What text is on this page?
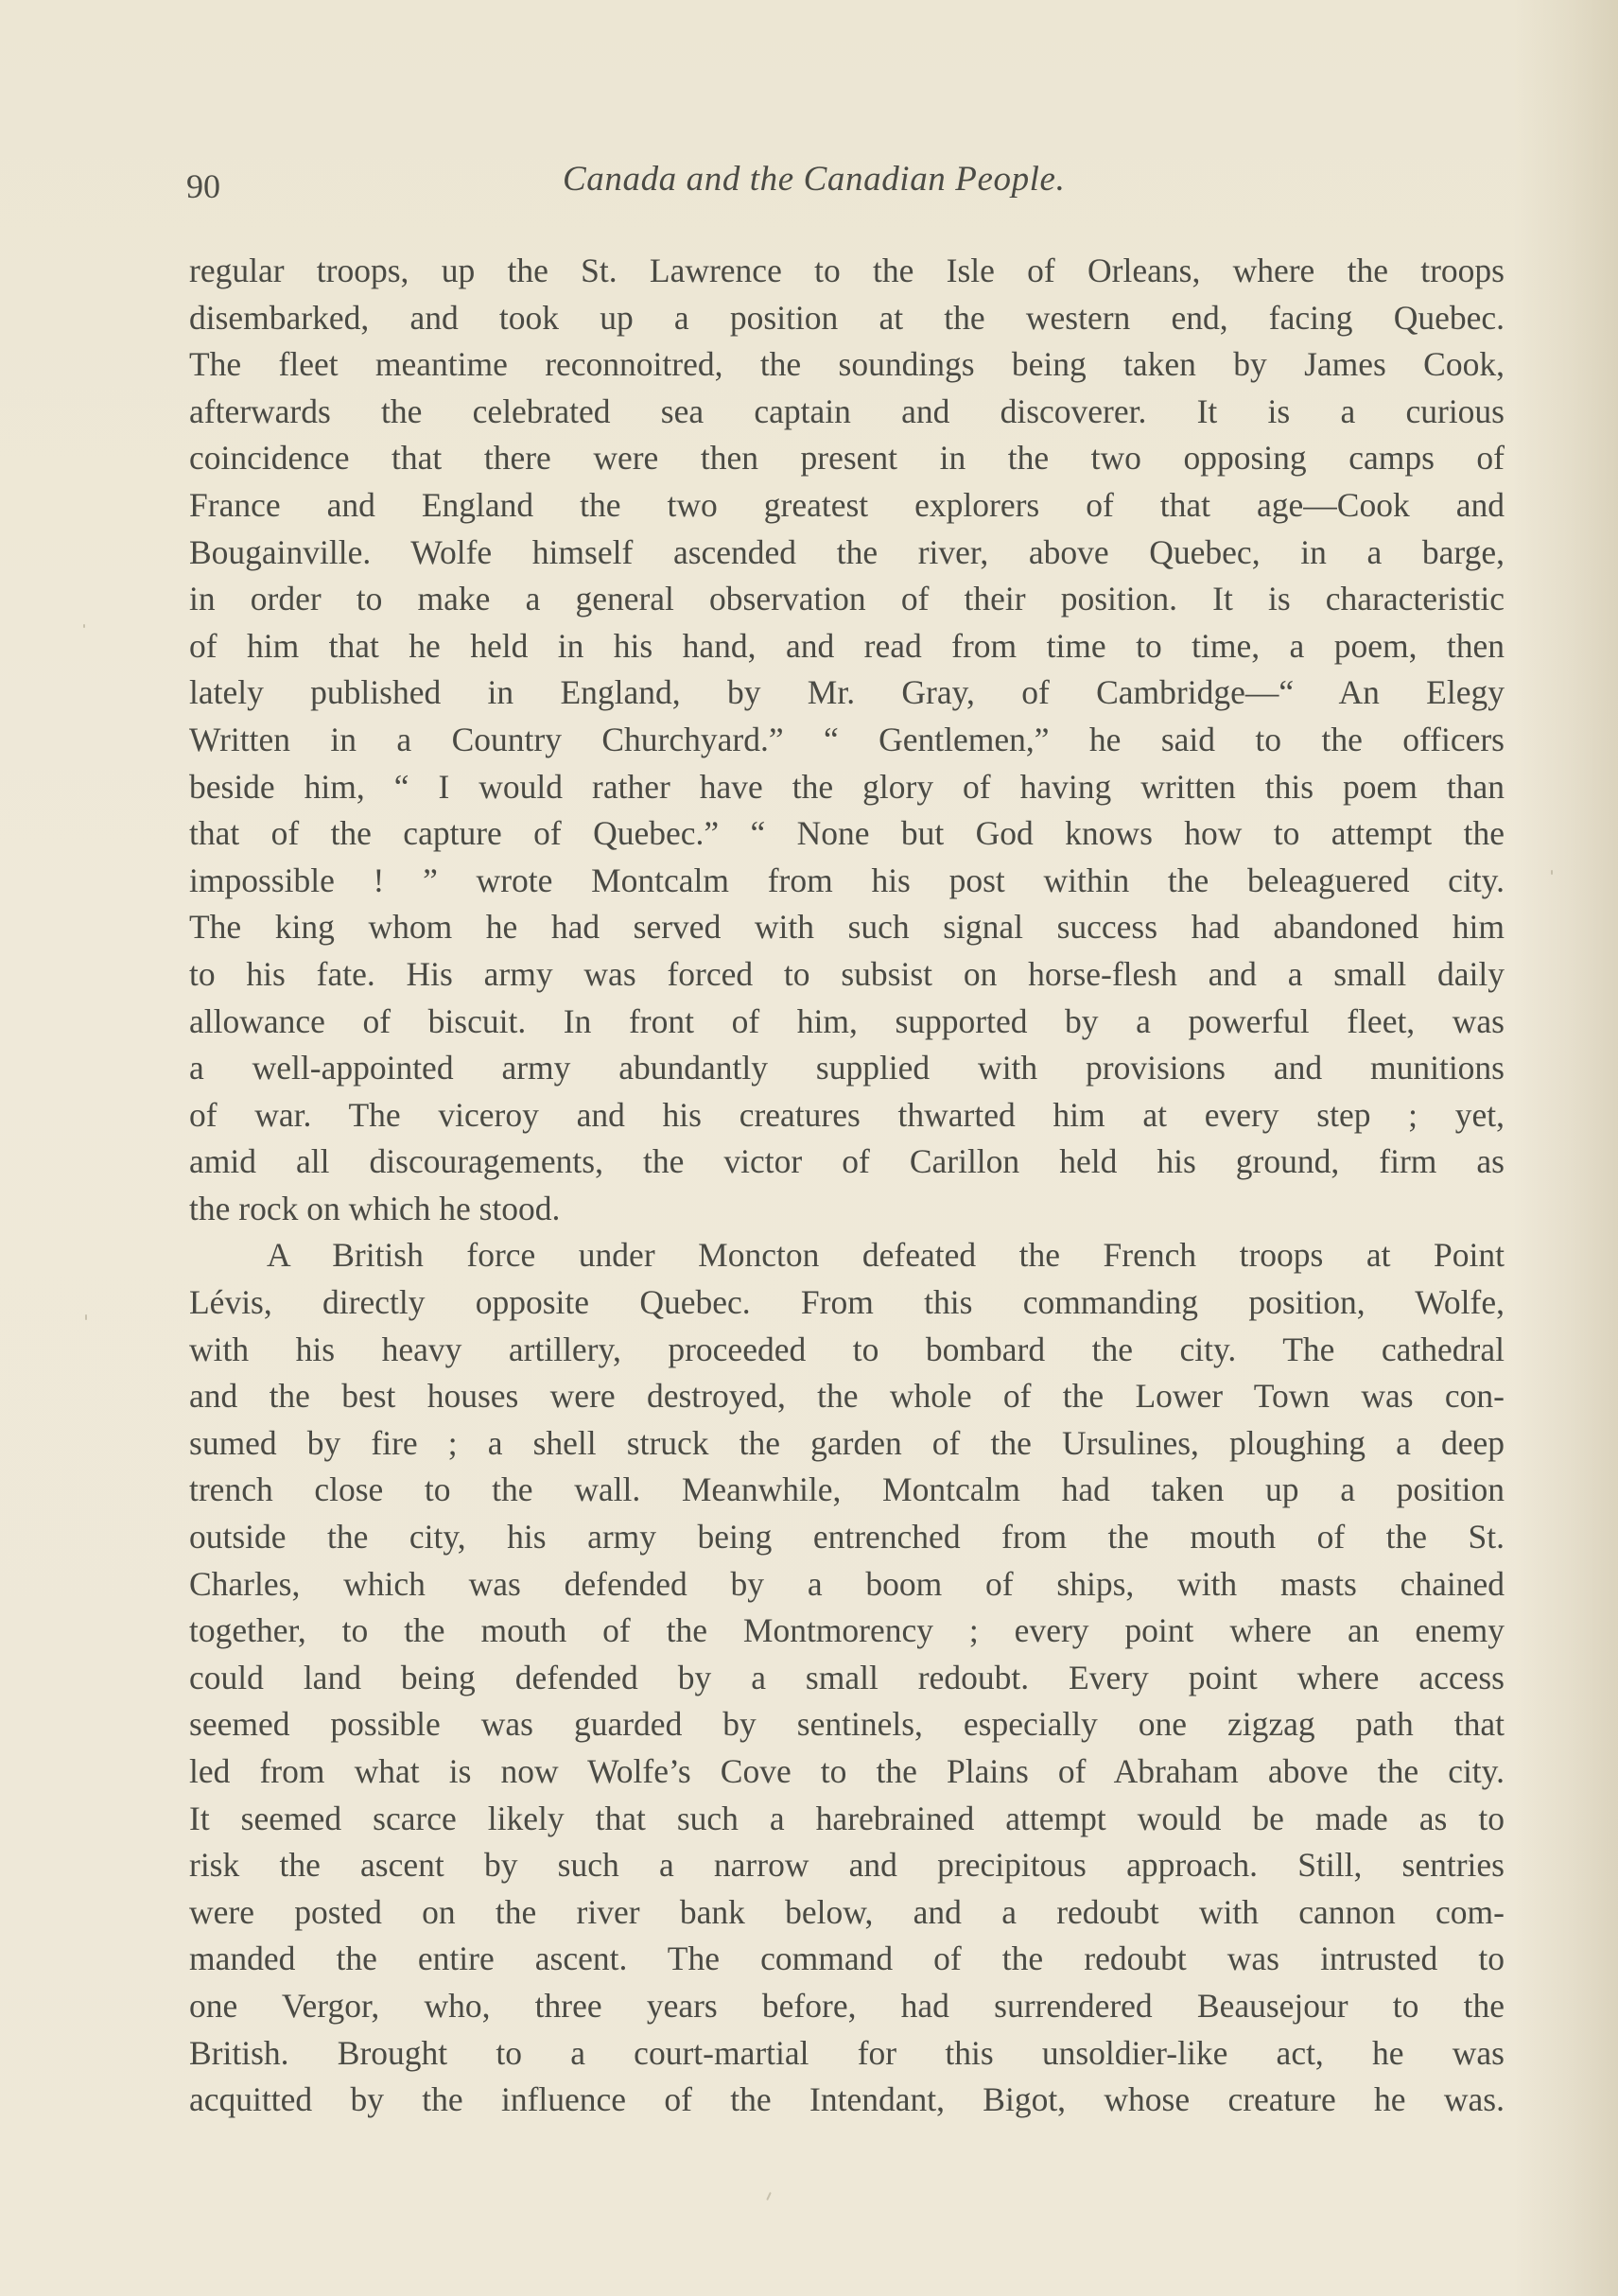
90	Canada and the Canadian People.
regular troops, up the St. Lawrence to the Isle of Orleans, where the troops
disembarked, and took up a position at the western end, facing Quebec.
The fleet meantime reconnoitred, the soundings being taken by James Cook,
afterwards the celebrated sea captain and discoverer. It is a curious
coincidence that there were then present in the two opposing camps of
France and England the two greatest explorers of that age—Cook and
Bougainville. Wolfe himself ascended the river, above Quebec, in a barge,
in order to make a general observation of their position. It is characteristic
of him that he held in his hand, and read from time to time, a poem, then
lately published in England, by Mr. Gray, of Cambridge—“ An Elegy
Written in a Country Churchyard.” “ Gentlemen,” he said to the officers
beside him, “ I would rather have the glory of having written this poem than
that of the capture of Quebec.” “ None but God knows how to attempt the
impossible ! ” wrote Montcalm from his post within the beleaguered city.
The king whom he had served with such signal success had abandoned him
to his fate. His army was forced to subsist on horse-flesh and a small daily
allowance of biscuit. In front of him, supported by a powerful fleet, was
a well-appointed army abundantly supplied with provisions and munitions
of war. The viceroy and his creatures thwarted him at every step ; yet,
amid all discouragements, the victor of Carillon held his ground, firm as
the rock on which he stood.
A British force under Moncton defeated the French troops at Point
Lévis, directly opposite Quebec. From this commanding position, Wolfe,
with his heavy artillery, proceeded to bombard the city. The cathedral
and the best houses were destroyed, the whole of the Lower Town was con-
sumed by fire ; a shell struck the garden of the Ursulines, ploughing a deep
trench close to the wall. Meanwhile, Montcalm had taken up a position
outside the city, his army being entrenched from the mouth of the St.
Charles, which was defended by a boom of ships, with masts chained
together, to the mouth of the Montmorency ; every point where an enemy
could land being defended by a small redoubt. Every point where access
seemed possible was guarded by sentinels, especially one zigzag path that
led from what is now Wolfe’s Cove to the Plains of Abraham above the city.
It seemed scarce likely that such a harebrained attempt would be made as to
risk the ascent by such a narrow and precipitous approach. Still, sentries
were posted on the river bank below, and a redoubt with cannon com-
manded the entire ascent. The command of the redoubt was intrusted to
one Vergor, who, three years before, had surrendered Beausejour to the
British. Brought to a court-martial for this unsoldier-like act, he was
acquitted by the influence of the Intendant, Bigot, whose creature he was.
